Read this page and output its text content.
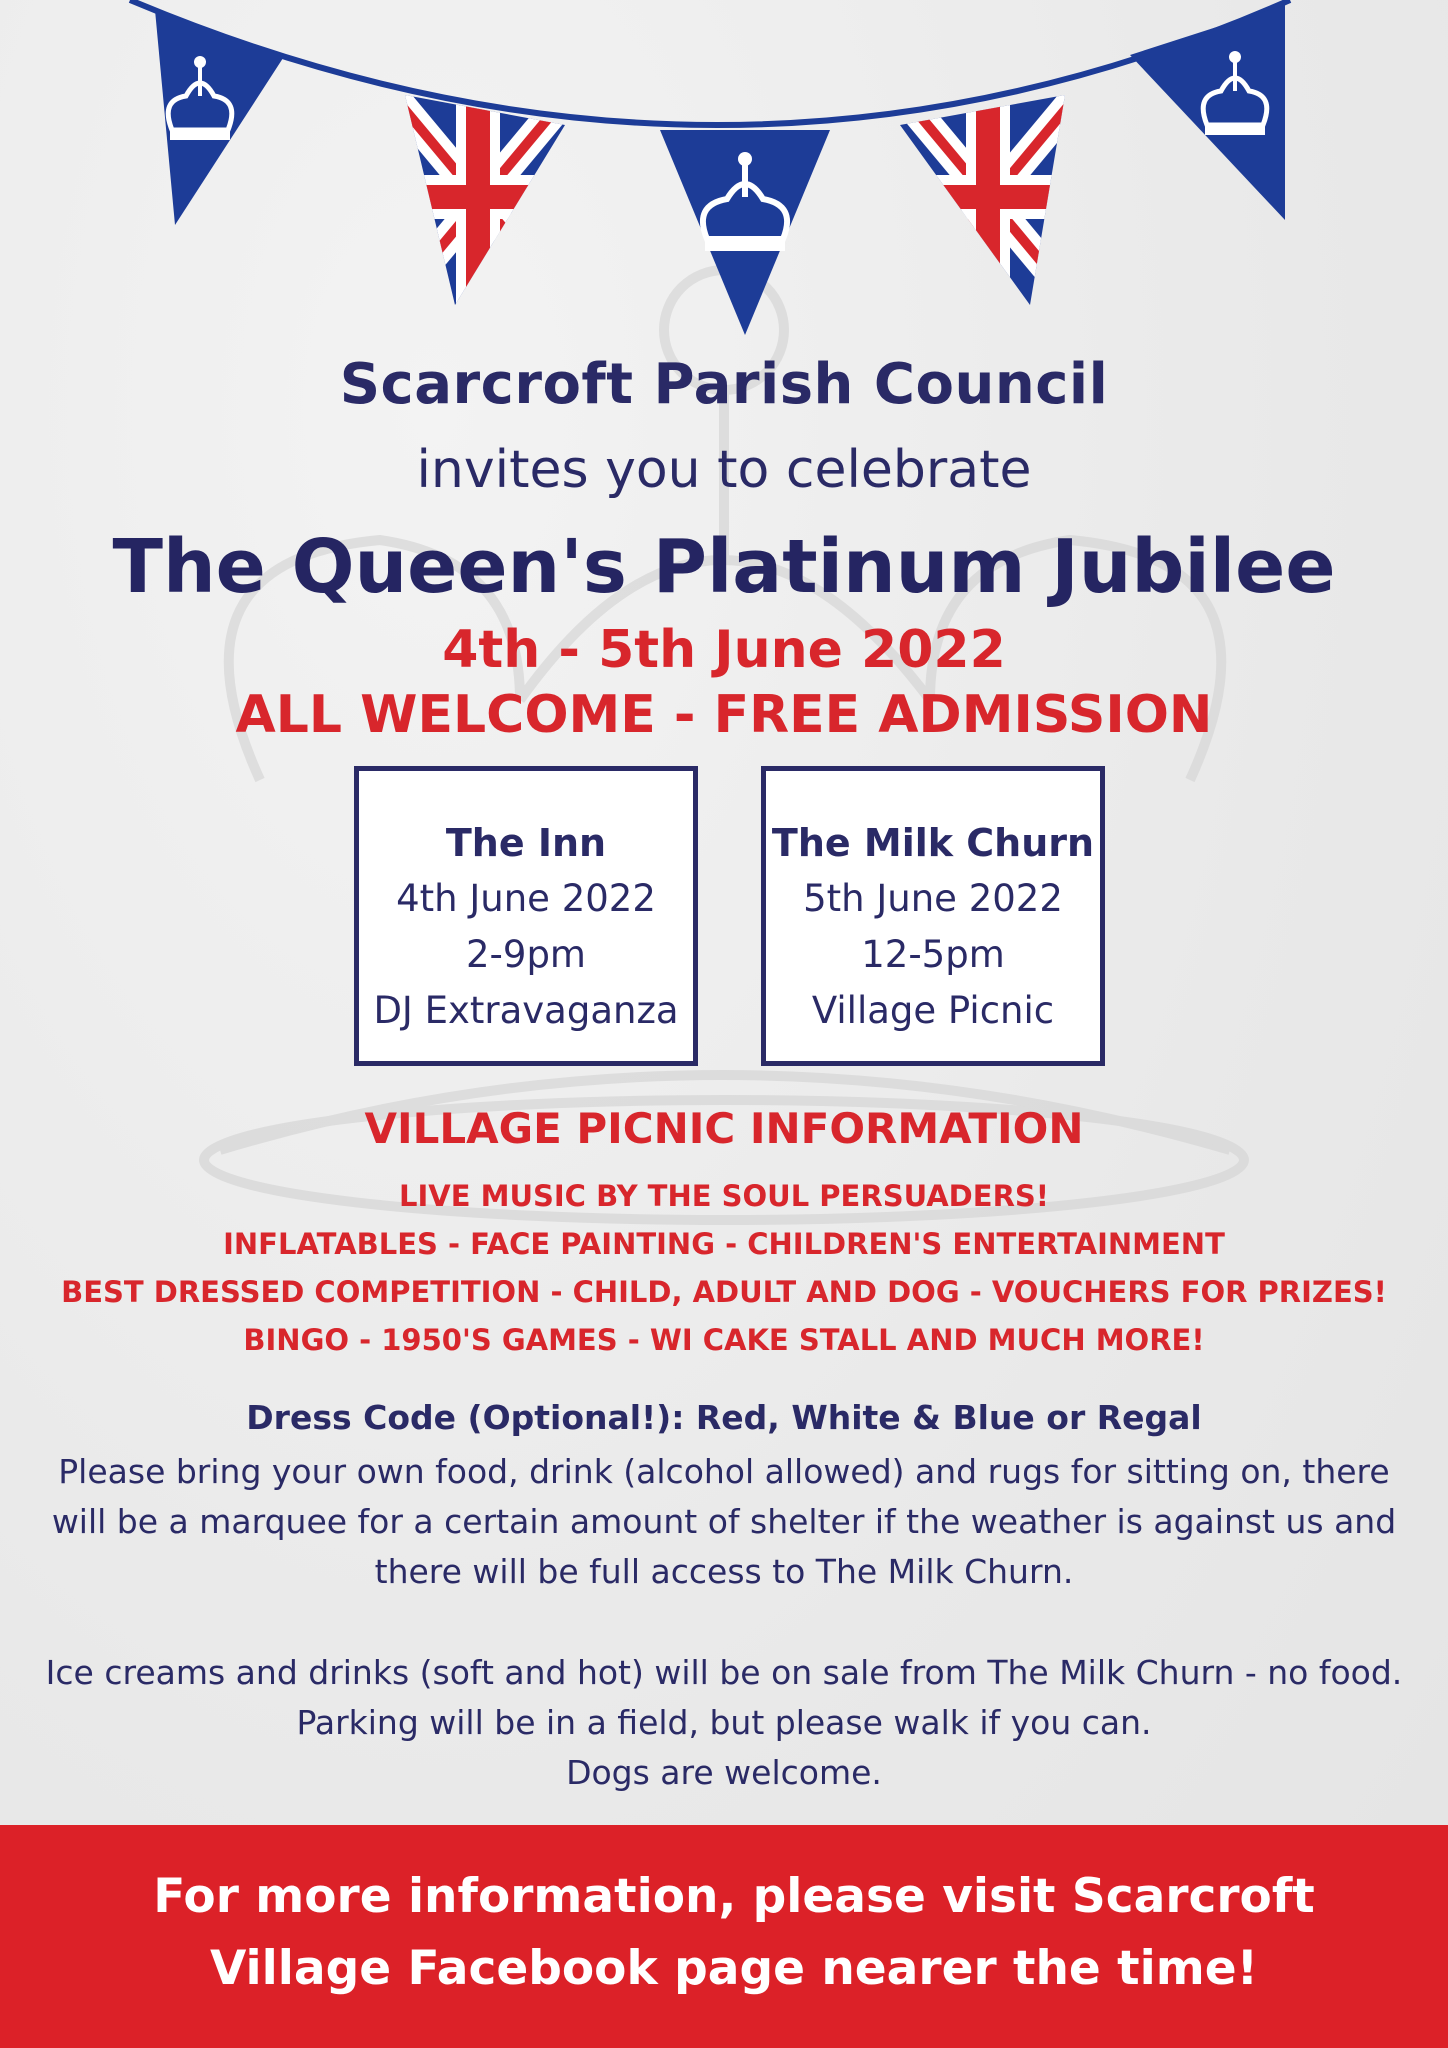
Scarcroft Parish Council

invites you to celebrate

The Queen's Platinum Jubilee

4th - 5th June 2022

ALL WELCOME - FREE ADMISSION

The Inn
4th June 2022
2-9pm
DJ Extravaganza
The Milk Churn
5th June 2022
12-5pm
Village Picnic

VILLAGE PICNIC INFORMATION

LIVE MUSIC BY THE SOUL PERSUADERS!
INFLATABLES - FACE PAINTING - CHILDREN'S ENTERTAINMENT
BEST DRESSED COMPETITION - CHILD, ADULT AND DOG - VOUCHERS FOR PRIZES!
BINGO - 1950'S GAMES - WI CAKE STALL AND MUCH MORE!

Dress Code (Optional!): Red, White & Blue or Regal

Please bring your own food, drink (alcohol allowed) and rugs for sitting on, there will be a marquee for a certain amount of shelter if the weather is against us and there will be full access to The Milk Churn.

Ice creams and drinks (soft and hot) will be on sale from The Milk Churn - no food.
Parking will be in a field, but please walk if you can.
Dogs are welcome.

For more information, please visit Scarcroft Village Facebook page nearer the time!
